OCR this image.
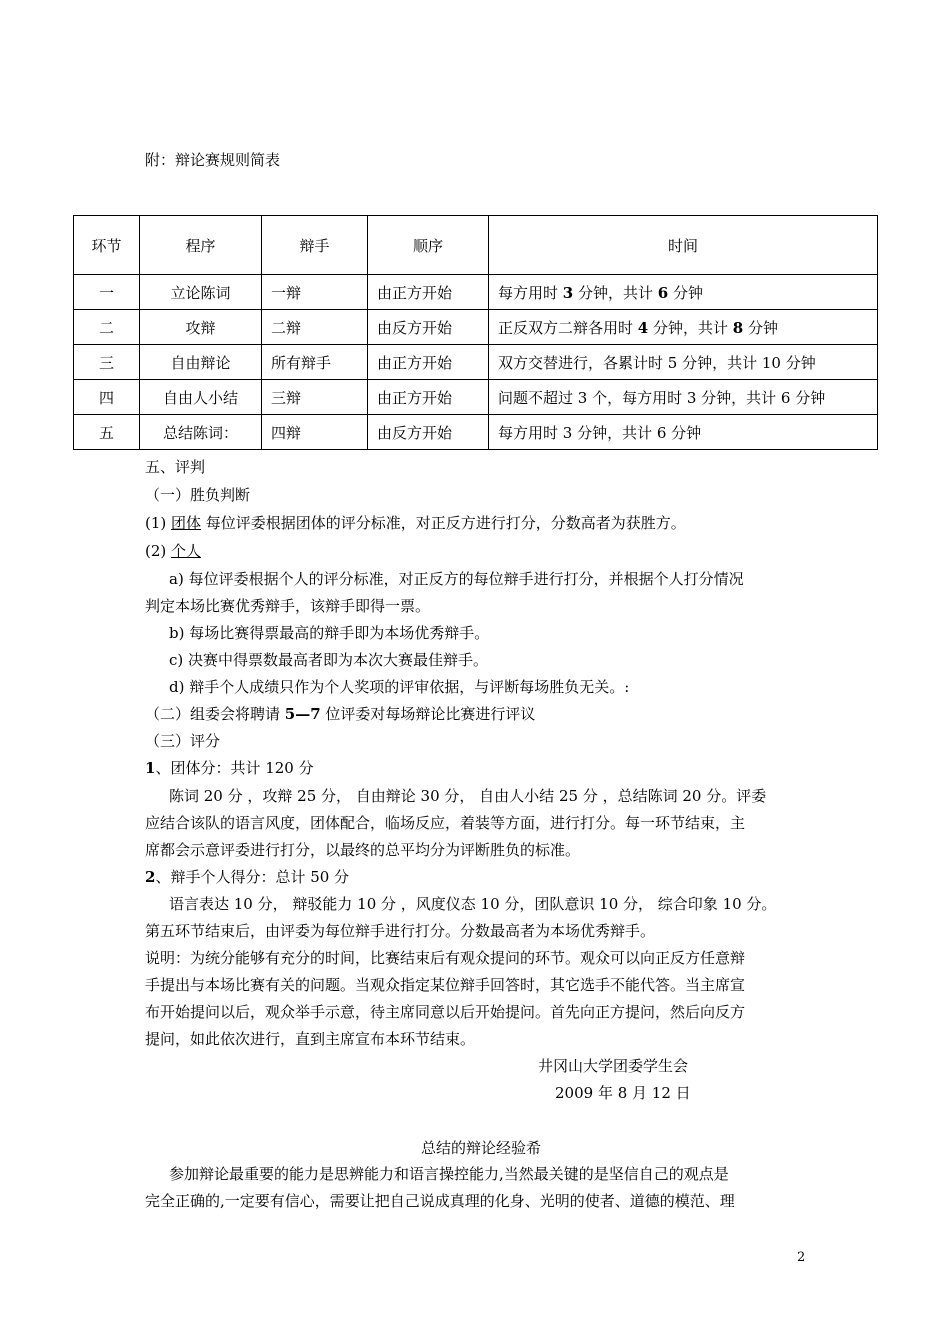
附：辩论赛规则简表
环节	程序	辩手	顺序	时间
一	立论陈词	一辩	由正方开始	每方用时 3 分钟，共计 6 分钟
二	攻辩	二辩	由反方开始	正反双方二辩各用时 4 分钟，共计 8 分钟
三	自由辩论	所有辩手	由正方开始	双方交替进行，各累计时 5 分钟，共计 10 分钟
四	自由人小结	三辩	由正方开始	问题不超过 3 个，每方用时 3 分钟，共计 6 分钟
五	总结陈词：	四辩	由反方开始	每方用时 3 分钟，共计 6 分钟
五、评判
（一）胜负判断
(1) 团体 每位评委根据团体的评分标准，对正反方进行打分，分数高者为获胜方。
(2) 个人
a) 每位评委根据个人的评分标准，对正反方的每位辩手进行打分，并根据个人打分情况
判定本场比赛优秀辩手，该辩手即得一票。
b) 每场比赛得票最高的辩手即为本场优秀辩手。
c) 决赛中得票数最高者即为本次大赛最佳辩手。
d) 辩手个人成绩只作为个人奖项的评审依据，与评断每场胜负无关。:
（二）组委会将聘请 5—7 位评委对每场辩论比赛进行评议
（三）评分
1、团体分：共计 120 分
陈词 20 分 ，攻辩 25 分， 自由辩论 30 分， 自由人小结 25 分 ，总结陈词 20 分。评委
应结合该队的语言风度，团体配合，临场反应，着装等方面，进行打分。每一环节结束，主
席都会示意评委进行打分，以最终的总平均分为评断胜负的标准。
2、辩手个人得分：总计 50 分
语言表达 10 分， 辩驳能力 10 分 ，风度仪态 10 分，团队意识 10 分， 综合印象 10 分。
第五环节结束后，由评委为每位辩手进行打分。分数最高者为本场优秀辩手。
说明：为统分能够有充分的时间，比赛结束后有观众提问的环节。观众可以向正反方任意辩
手提出与本场比赛有关的问题。当观众指定某位辩手回答时，其它选手不能代答。当主席宣
布开始提问以后，观众举手示意，待主席同意以后开始提问。首先向正方提问，然后向反方
提问，如此依次进行，直到主席宣布本环节结束。
井冈山大学团委学生会
2009 年 8 月 12 日
总结的辩论经验希
参加辩论最重要的能力是思辨能力和语言操控能力,当然最关键的是坚信自己的观点是
完全正确的,一定要有信心，需要让把自己说成真理的化身、光明的使者、道德的模范、理
2
